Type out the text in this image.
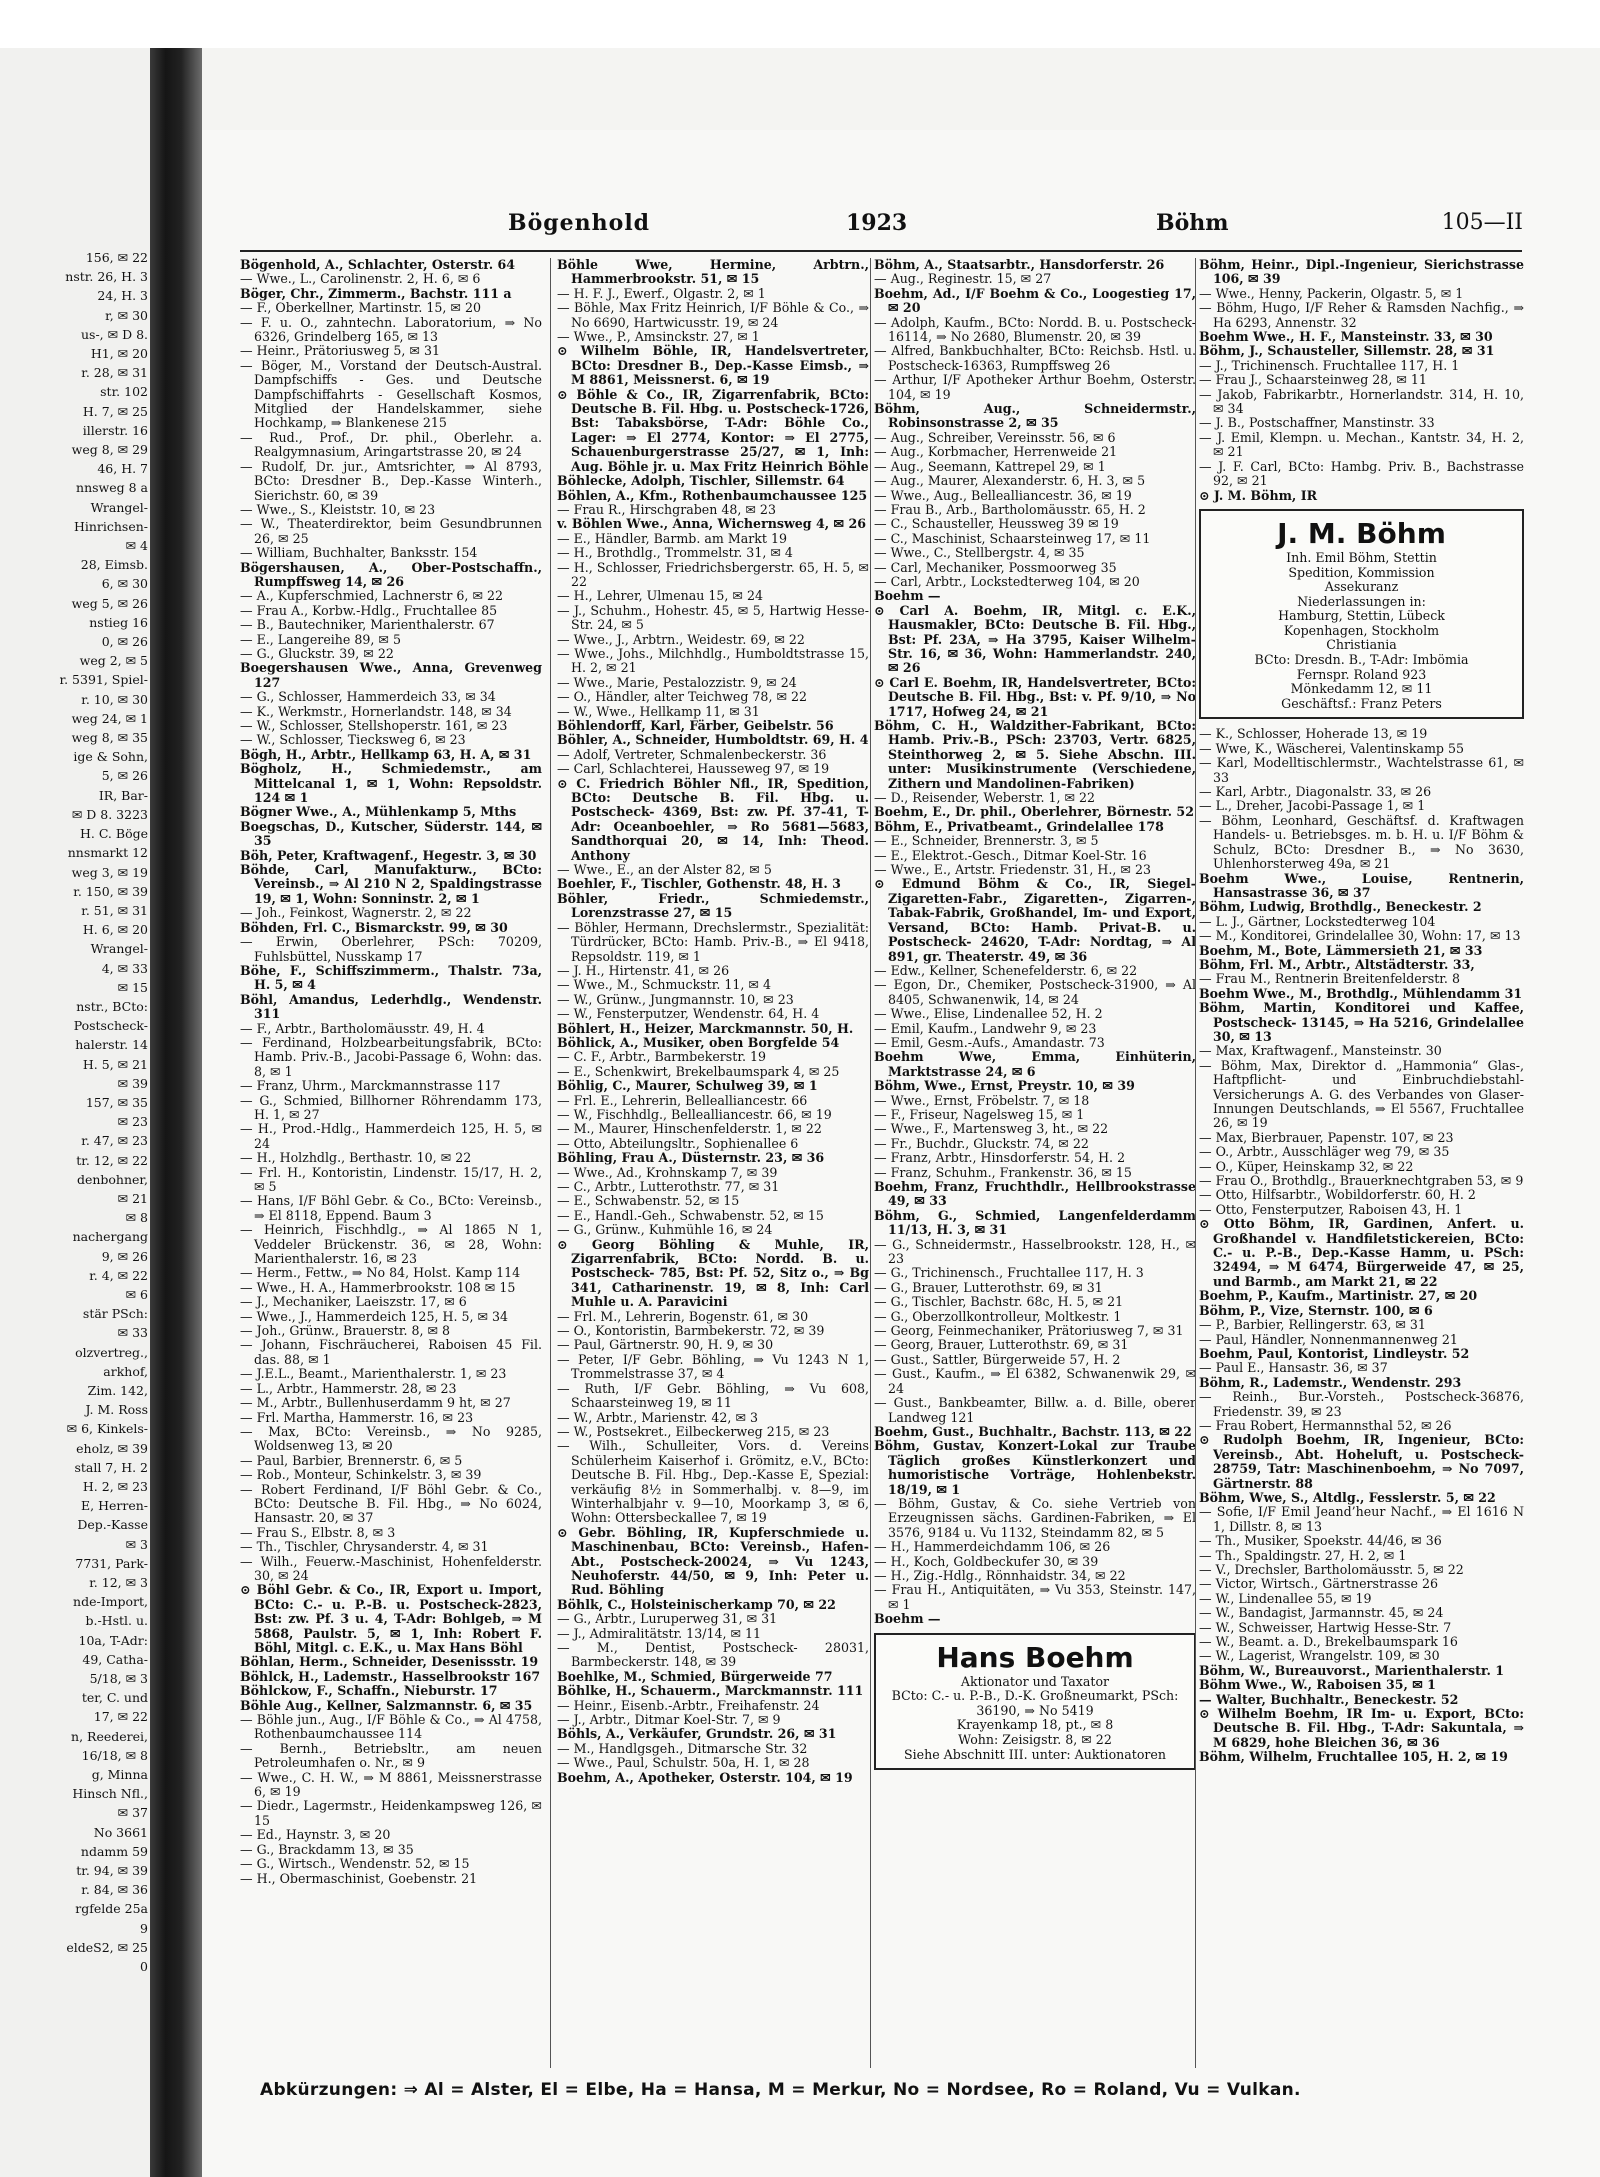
156, ✉ 22
nstr. 26, H. 3
24, H. 3
r, ✉ 30
us-, ✉ D 8.
H1, ✉ 20
r. 28, ✉ 31
str. 102
H. 7, ✉ 25
illerstr. 16
weg 8, ✉ 29
46, H. 7
nnsweg 8 a
Wrangel-
Hinrichsen-
✉ 4
28, Eimsb.
6, ✉ 30
weg 5, ✉ 26
nstieg 16
0, ✉ 26
weg 2, ✉ 5
r. 5391, Spiel-
r. 10, ✉ 30
weg 24, ✉ 1
weg 8, ✉ 35
ige & Sohn,
5, ✉ 26
IR, Bar-
✉ D 8. 3223
H. C. Böge
nnsmarkt 12
weg 3, ✉ 19
r. 150, ✉ 39
r. 51, ✉ 31
H. 6, ✉ 20
Wrangel-
4, ✉ 33
✉ 15
nstr., BCto:
Postscheck-
halerstr. 14
H. 5, ✉ 21
✉ 39
157, ✉ 35
✉ 23
r. 47, ✉ 23
tr. 12, ✉ 22
denbohner,
✉ 21
✉ 8
nachergang
9, ✉ 26
r. 4, ✉ 22
✉ 6
stär PSch:
✉ 33
olzvertreg.,
arkhof,
Zim. 142,
J. M. Ross
✉ 6, Kinkels-
eholz, ✉ 39
stall 7, H. 2
H. 2, ✉ 23
E, Herren-
Dep.-Kasse
✉ 3
7731, Park-
r. 12, ✉ 3
nde-Import,
b.-Hstl. u.
10a, T-Adr:
49, Catha-
5/18, ✉ 3
ter, C. und
17, ✉ 22
n, Reederei,
16/18, ✉ 8
g, Minna
Hinsch Nfl.,
✉ 37
No 3661
ndamm 59
tr. 94, ✉ 39
r. 84, ✉ 36
rgfelde 25a
9
eldeS2, ✉ 25
0
Bögenhold	1923	Böhm	105—II
Bögenhold, A., Schlachter, Osterstr. 64
— Wwe., L., Carolinenstr. 2, H. 6, ✉ 6
Böger, Chr., Zimmerm., Bachstr. 111 a
— F., Oberkellner, Martinstr. 15, ✉ 20
— F. u. O., zahntechn. Laboratorium, ⇒ No 6326, Grindelberg 165, ✉ 13
— Heinr., Prätoriusweg 5, ✉ 31
— Böger, M., Vorstand der Deutsch-Austral. Dampfschiffs - Ges. und Deutsche Dampfschiffahrts - Gesellschaft Kosmos, Mitglied der Handelskammer, siehe Hochkamp, ⇒ Blankenese 215
— Rud., Prof., Dr. phil., Oberlehr. a. Realgymnasium, Aringartstrasse 20, ✉ 24
— Rudolf, Dr. jur., Amtsrichter, ⇒ Al 8793, BCto: Dresdner B., Dep.-Kasse Winterh., Sierichstr. 60, ✉ 39
— Wwe., S., Kleiststr. 10, ✉ 23
— W., Theaterdirektor, beim Gesundbrunnen 26, ✉ 25
— William, Buchhalter, Banksstr. 154
Bögershausen, A., Ober-Postschaffn., Rumpffsweg 14, ✉ 26
— A., Kupferschmied, Lachnerstr 6, ✉ 22
— Frau A., Korbw.-Hdlg., Fruchtallee 85
— B., Bautechniker, Marienthalerstr. 67
— E., Langereihe 89, ✉ 5
— G., Gluckstr. 39, ✉ 22
Boegershausen Wwe., Anna, Grevenweg 127
— G., Schlosser, Hammerdeich 33, ✉ 34
— K., Werkmstr., Hornerlandstr. 148, ✉ 34
— W., Schlosser, Stellshoperstr. 161, ✉ 23
— W., Schlosser, Tiecksweg 6, ✉ 23
Bögh, H., Arbtr., Hellkamp 63, H. A, ✉ 31
Bögholz, H., Schmiedemstr., am Mittelcanal 1, ✉ 1, Wohn: Repsoldstr. 124 ✉ 1
Bögner Wwe., A., Mühlenkamp 5, Mths
Boegschas, D., Kutscher, Süderstr. 144, ✉ 35
Böh, Peter, Kraftwagenf., Hegestr. 3, ✉ 30
Böhde, Carl, Manufakturw., BCto: Vereinsb., ⇒ Al 210 N 2, Spaldingstrasse 19, ✉ 1, Wohn: Sonninstr. 2, ✉ 1
— Joh., Feinkost, Wagnerstr. 2, ✉ 22
Böhden, Frl. C., Bismarckstr. 99, ✉ 30
— Erwin, Oberlehrer, PSch: 70209, Fuhlsbüttel, Nusskamp 17
Böhe, F., Schiffszimmerm., Thalstr. 73a, H. 5, ✉ 4
Böhl, Amandus, Lederhdlg., Wendenstr. 311
— F., Arbtr., Bartholomäusstr. 49, H. 4
— Ferdinand, Holzbearbeitungsfabrik, BCto: Hamb. Priv.-B., Jacobi-Passage 6, Wohn: das. 8, ✉ 1
— Franz, Uhrm., Marckmannstrasse 117
— G., Schmied, Billhorner Röhrendamm 173, H. 1, ✉ 27
— H., Prod.-Hdlg., Hammerdeich 125, H. 5, ✉ 24
— H., Holzhdlg., Berthastr. 10, ✉ 22
— Frl. H., Kontoristin, Lindenstr. 15/17, H. 2, ✉ 5
— Hans, I/F Böhl Gebr. & Co., BCto: Vereinsb., ⇒ El 8118, Eppend. Baum 3
— Heinrich, Fischhdlg., ⇒ Al 1865 N 1, Veddeler Brückenstr. 36, ✉ 28, Wohn: Marienthalerstr. 16, ✉ 23
— Herm., Fettw., ⇒ No 84, Holst. Kamp 114
— Wwe., H. A., Hammerbrookstr. 108 ✉ 15
— J., Mechaniker, Laeiszstr. 17, ✉ 6
— Wwe., J., Hammerdeich 125, H. 5, ✉ 34
— Joh., Grünw., Brauerstr. 8, ✉ 8
— Johann, Fischräucherei, Raboisen 45 Fil. das. 88, ✉ 1
— J.E.L., Beamt., Marienthalerstr. 1, ✉ 23
— L., Arbtr., Hammerstr. 28, ✉ 23
— M., Arbtr., Bullenhuserdamm 9 ht, ✉ 27
— Frl. Martha, Hammerstr. 16, ✉ 23
— Max, BCto: Vereinsb., ⇒ No 9285, Woldsenweg 13, ✉ 20
— Paul, Barbier, Brennerstr. 6, ✉ 5
— Rob., Monteur, Schinkelstr. 3, ✉ 39
— Robert Ferdinand, I/F Böhl Gebr. & Co., BCto: Deutsche B. Fil. Hbg., ⇒ No 6024, Hansastr. 20, ✉ 37
— Frau S., Elbstr. 8, ✉ 3
— Th., Tischler, Chrysanderstr. 4, ✉ 31
— Wilh., Feuerw.-Maschinist, Hohenfelderstr. 30, ✉ 24
⊙ Böhl Gebr. & Co., IR, Export u. Import, BCto: C.- u. P.-B. u. Postscheck-2823, Bst: zw. Pf. 3 u. 4, T-Adr: Bohlgeb, ⇒ M 5868, Paulstr. 5, ✉ 1, Inh: Robert F. Böhl, Mitgl. c. E.K., u. Max Hans Böhl
Böhlan, Herm., Schneider, Desenissstr. 19
Böhlck, H., Lademstr., Hasselbrookstr 167
Böhlckow, F., Schaffn., Nieburstr. 17
Böhle Aug., Kellner, Salzmannstr. 6, ✉ 35
— Böhle jun., Aug., I/F Böhle & Co., ⇒ Al 4758, Rothenbaumchaussee 114
— Bernh., Betriebsltr., am neuen Petroleumhafen o. Nr., ✉ 9
— Wwe., C. H. W., ⇒ M 8861, Meissnerstrasse 6, ✉ 19
— Diedr., Lagermstr., Heidenkampsweg 126, ✉ 15
— Ed., Haynstr. 3, ✉ 20
— G., Brackdamm 13, ✉ 35
— G., Wirtsch., Wendenstr. 52, ✉ 15
— H., Obermaschinist, Goebenstr. 21
Böhle Wwe, Hermine, Arbtrn., Hammerbrookstr. 51, ✉ 15
— H. F. J., Ewerf., Olgastr. 2, ✉ 1
— Böhle, Max Fritz Heinrich, I/F Böhle & Co., ⇒ No 6690, Hartwicusstr. 19, ✉ 24
— Wwe., P., Amsinckstr. 27, ✉ 1
⊙ Wilhelm Böhle, IR, Handelsvertreter, BCto: Dresdner B., Dep.-Kasse Eimsb., ⇒ M 8861, Meissnerst. 6, ✉ 19
⊙ Böhle & Co., IR, Zigarrenfabrik, BCto: Deutsche B. Fil. Hbg. u. Postscheck-1726, Bst: Tabaksbörse, T-Adr: Böhle Co., Lager: ⇒ El 2774, Kontor: ⇒ El 2775, Schauenburgerstrasse 25/27, ✉ 1, Inh: Aug. Böhle jr. u. Max Fritz Heinrich Böhle
Böhlecke, Adolph, Tischler, Sillemstr. 64
Böhlen, A., Kfm., Rothenbaumchaussee 125
— Frau R., Hirschgraben 48, ✉ 23
v. Böhlen Wwe., Anna, Wichernsweg 4, ✉ 26
— E., Händler, Barmb. am Markt 19
— H., Brothdlg., Trommelstr. 31, ✉ 4
— H., Schlosser, Friedrichsbergerstr. 65, H. 5, ✉ 22
— H., Lehrer, Ulmenau 15, ✉ 24
— J., Schuhm., Hohestr. 45, ✉ 5, Hartwig Hesse-Str. 24, ✉ 5
— Wwe., J., Arbtrn., Weidestr. 69, ✉ 22
— Wwe., Johs., Milchhdlg., Humboldtstrasse 15, H. 2, ✉ 21
— Wwe., Marie, Pestalozzistr. 9, ✉ 24
— O., Händler, alter Teichweg 78, ✉ 22
— W., Wwe., Hellkamp 11, ✉ 31
Böhlendorff, Karl, Färber, Geibelstr. 56
Böhler, A., Schneider, Humboldtstr. 69, H. 4
— Adolf, Vertreter, Schmalenbeckerstr. 36
— Carl, Schlachterei, Hausseweg 97, ✉ 19
⊙ C. Friedrich Böhler Nfl., IR, Spedition, BCto: Deutsche B. Fil. Hbg. u. Postscheck- 4369, Bst: zw. Pf. 37-41, T-Adr: Oceanboehler, ⇒ Ro 5681—5683, Sandthorquai 20, ✉ 14, Inh: Theod. Anthony
— Wwe., E., an der Alster 82, ✉ 5
Boehler, F., Tischler, Gothenstr. 48, H. 3
Böhler, Friedr., Schmiedemstr., Lorenzstrasse 27, ✉ 15
— Böhler, Hermann, Drechslermstr., Spezialität: Türdrücker, BCto: Hamb. Priv.-B., ⇒ El 9418, Repsoldstr. 119, ✉ 1
— J. H., Hirtenstr. 41, ✉ 26
— Wwe., M., Schmuckstr. 11, ✉ 4
— W., Grünw., Jungmannstr. 10, ✉ 23
— W., Fensterputzer, Wendenstr. 64, H. 4
Böhlert, H., Heizer, Marckmannstr. 50, H.
Böhlick, A., Musiker, oben Borgfelde 54
— C. F., Arbtr., Barmbekerstr. 19
— E., Schenkwirt, Brekelbaumspark 4, ✉ 25
Böhlig, C., Maurer, Schulweg 39, ✉ 1
— Frl. E., Lehrerin, Bellealliancestr. 66
— W., Fischhdlg., Bellealliancestr. 66, ✉ 19
— M., Maurer, Hinschenfelderstr. 1, ✉ 22
— Otto, Abteilungsltr., Sophienallee 6
Böhling, Frau A., Düsternstr. 23, ✉ 36
— Wwe., Ad., Krohnskamp 7, ✉ 39
— C., Arbtr., Lutterothstr. 77, ✉ 31
— E., Schwabenstr. 52, ✉ 15
— E., Handl.-Geh., Schwabenstr. 52, ✉ 15
— G., Grünw., Kuhmühle 16, ✉ 24
⊙ Georg Böhling & Muhle, IR, Zigarrenfabrik, BCto: Nordd. B. u. Postscheck- 785, Bst: Pf. 52, Sitz o., ⇒ Bg 341, Catharinenstr. 19, ✉ 8, Inh: Carl Muhle u. A. Paravicini
— Frl. M., Lehrerin, Bogenstr. 61, ✉ 30
— O., Kontoristin, Barmbekerstr. 72, ✉ 39
— Paul, Gärtnerstr. 90, H. 9, ✉ 30
— Peter, I/F Gebr. Böhling, ⇒ Vu 1243 N 1, Trommelstrasse 37, ✉ 4
— Ruth, I/F Gebr. Böhling, ⇒ Vu 608, Schaarsteinweg 19, ✉ 11
— W., Arbtr., Marienstr. 42, ✉ 3
— W., Postsekret., Eilbeckerweg 215, ✉ 23
— Wilh., Schulleiter, Vors. d. Vereins Schülerheim Kaiserhof i. Grömitz, e.V., BCto: Deutsche B. Fil. Hbg., Dep.-Kasse E, Spezial: verkäufig 8½ in Sommerhalbj. v. 8—9, im Winterhalbjahr v. 9—10, Moorkamp 3, ✉ 6, Wohn: Ottersbeckallee 7, ✉ 19
⊙ Gebr. Böhling, IR, Kupferschmiede u. Maschinenbau, BCto: Vereinsb., Hafen-Abt., Postscheck-20024, ⇒ Vu 1243, Neuhoferstr. 44/50, ✉ 9, Inh: Peter u. Rud. Böhling
Böhlk, C., Holsteinischerkamp 70, ✉ 22
— G., Arbtr., Luruperweg 31, ✉ 31
— J., Admiralitätstr. 13/14, ✉ 11
— M., Dentist, Postscheck- 28031, Barmbeckerstr. 148, ✉ 39
Boehlke, M., Schmied, Bürgerweide 77
Böhlke, H., Schauerm., Marckmannstr. 111
— Heinr., Eisenb.-Arbtr., Freihafenstr. 24
— J., Arbtr., Ditmar Koel-Str. 7, ✉ 9
Böhls, A., Verkäufer, Grundstr. 26, ✉ 31
— M., Handlgsgeh., Ditmarsche Str. 32
— Wwe., Paul, Schulstr. 50a, H. 1, ✉ 28
Boehm, A., Apotheker, Osterstr. 104, ✉ 19
Böhm, A., Staatsarbtr., Hansdorferstr. 26
— Aug., Reginestr. 15, ✉ 27
Boehm, Ad., I/F Boehm & Co., Loogestieg 17, ✉ 20
— Adolph, Kaufm., BCto: Nordd. B. u. Postscheck- 16114, ⇒ No 2680, Blumenstr. 20, ✉ 39
— Alfred, Bankbuchhalter, BCto: Reichsb. Hstl. u. Postscheck-16363, Rumpffsweg 26
— Arthur, I/F Apotheker Arthur Boehm, Osterstr. 104, ✉ 19
Böhm, Aug., Schneidermstr., Robinsonstrasse 2, ✉ 35
— Aug., Schreiber, Vereinsstr. 56, ✉ 6
— Aug., Korbmacher, Herrenweide 21
— Aug., Seemann, Kattrepel 29, ✉ 1
— Aug., Maurer, Alexanderstr. 6, H. 3, ✉ 5
— Wwe., Aug., Bellealliancestr. 36, ✉ 19
— Frau B., Arb., Bartholomäusstr. 65, H. 2
— C., Schausteller, Heussweg 39 ✉ 19
— C., Maschinist, Schaarsteinweg 17, ✉ 11
— Wwe., C., Stellbergstr. 4, ✉ 35
— Carl, Mechaniker, Possmoorweg 35
— Carl, Arbtr., Lockstedterweg 104, ✉ 20
Boehm —
⊙ Carl A. Boehm, IR, Mitgl. c. E.K., Hausmakler, BCto: Deutsche B. Fil. Hbg., Bst: Pf. 23A, ⇒ Ha 3795, Kaiser Wilhelm-Str. 16, ✉ 36, Wohn: Hammerlandstr. 240, ✉ 26
⊙ Carl E. Boehm, IR, Handelsvertreter, BCto: Deutsche B. Fil. Hbg., Bst: v. Pf. 9/10, ⇒ No 1717, Hofweg 24, ✉ 21
Böhm, C. H., Waldzither-Fabrikant, BCto: Hamb. Priv.-B., PSch: 23703, Vertr. 6825, Steinthorweg 2, ✉ 5. Siehe Abschn. III. unter: Musikinstrumente (Verschiedene, Zithern und Mandolinen-Fabriken)
— D., Reisender, Weberstr. 1, ✉ 22
Boehm, E., Dr. phil., Oberlehrer, Börnestr. 52
Böhm, E., Privatbeamt., Grindelallee 178
— E., Schneider, Brennerstr. 3, ✉ 5
— E., Elektrot.-Gesch., Ditmar Koel-Str. 16
— Wwe., E., Artstr. Friedenstr. 31, H., ✉ 23
⊙ Edmund Böhm & Co., IR, Siegel-Zigaretten-Fabr., Zigaretten-, Zigarren-, Tabak-Fabrik, Großhandel, Im- und Export, Versand, BCto: Hamb. Privat-B. u. Postscheck- 24620, T-Adr: Nordtag, ⇒ Al 891, gr. Theaterstr. 49, ✉ 36
— Edw., Kellner, Schenefelderstr. 6, ✉ 22
— Egon, Dr., Chemiker, Postscheck-31900, ⇒ Al 8405, Schwanenwik, 14, ✉ 24
— Wwe., Elise, Lindenallee 52, H. 2
— Emil, Kaufm., Landwehr 9, ✉ 23
— Emil, Gesm.-Aufs., Amandastr. 73
Boehm Wwe, Emma, Einhüterin, Marktstrasse 24, ✉ 6
Böhm, Wwe., Ernst, Preystr. 10, ✉ 39
— Wwe., Ernst, Fröbelstr. 7, ✉ 18
— F., Friseur, Nagelsweg 15, ✉ 1
— Wwe., F., Martensweg 3, ht., ✉ 22
— Fr., Buchdr., Gluckstr. 74, ✉ 22
— Franz, Arbtr., Hinsdorferstr. 54, H. 2
— Franz, Schuhm., Frankenstr. 36, ✉ 15
Boehm, Franz, Fruchthdlr., Hellbrookstrasse 49, ✉ 33
Böhm, G., Schmied, Langenfelderdamm 11/13, H. 3, ✉ 31
— G., Schneidermstr., Hasselbrookstr. 128, H., ✉ 23
— G., Trichinensch., Fruchtallee 117, H. 3
— G., Brauer, Lutterothstr. 69, ✉ 31
— G., Tischler, Bachstr. 68c, H. 5, ✉ 21
— G., Oberzollkontrolleur, Moltkestr. 1
— Georg, Feinmechaniker, Prätoriusweg 7, ✉ 31
— Georg, Brauer, Lutterothstr. 69, ✉ 31
— Gust., Sattler, Bürgerweide 57, H. 2
— Gust., Kaufm., ⇒ El 6382, Schwanenwik 29, ✉ 24
— Gust., Bankbeamter, Billw. a. d. Bille, oberer Landweg 121
Boehm, Gust., Buchhaltr., Bachstr. 113, ✉ 22
Böhm, Gustav, Konzert-Lokal zur Traube Täglich großes Künstlerkonzert und humoristische Vorträge, Hohlenbekstr. 18/19, ✉ 1
— Böhm, Gustav, & Co. siehe Vertrieb von Erzeugnissen sächs. Gardinen-Fabriken, ⇒ El 3576, 9184 u. Vu 1132, Steindamm 82, ✉ 5
— H., Hammerdeichdamm 106, ✉ 26
— H., Koch, Goldbeckufer 30, ✉ 39
— H., Zig.-Hdlg., Rönnhaidstr. 34, ✉ 22
— Frau H., Antiquitäten, ⇒ Vu 353, Steinstr. 147, ✉ 1
Boehm —
Hans Boehm
Aktionator und Taxator
BCto: C.- u. P.-B., D.-K. Großneumarkt, PSch: 36190, ⇒ No 5419
Krayenkamp 18, pt., ✉ 8
Wohn: Zeisigstr. 8, ✉ 22
Siehe Abschnitt III. unter: Auktionatoren
Böhm, Heinr., Dipl.-Ingenieur, Sierichstrasse 106, ✉ 39
— Wwe., Henny, Packerin, Olgastr. 5, ✉ 1
— Böhm, Hugo, I/F Reher & Ramsden Nachfig., ⇒ Ha 6293, Annenstr. 32
Boehm Wwe., H. F., Mansteinstr. 33, ✉ 30
Böhm, J., Schausteller, Sillemstr. 28, ✉ 31
— J., Trichinensch. Fruchtallee 117, H. 1
— Frau J., Schaarsteinweg 28, ✉ 11
— Jakob, Fabrikarbtr., Hornerlandstr. 314, H. 10, ✉ 34
— J. B., Postschaffner, Manstinstr. 33
— J. Emil, Klempn. u. Mechan., Kantstr. 34, H. 2, ✉ 21
— J. F. Carl, BCto: Hambg. Priv. B., Bachstrasse 92, ✉ 21
⊙ J. M. Böhm, IR
J. M. Böhm
Inh. Emil Böhm, Stettin
Spedition, Kommission
Assekuranz
Niederlassungen in:
Hamburg, Stettin, Lübeck
Kopenhagen, Stockholm
Christiania
BCto: Dresdn. B., T-Adr: Imbömia
Fernspr. Roland 923
Mönkedamm 12, ✉ 11
Geschäftsf.: Franz Peters
— K., Schlosser, Hoherade 13, ✉ 19
— Wwe, K., Wäscherei, Valentinskamp 55
— Karl, Modelltischlermstr., Wachtelstrasse 61, ✉ 33
— Karl, Arbtr., Diagonalstr. 33, ✉ 26
— L., Dreher, Jacobi-Passage 1, ✉ 1
— Böhm, Leonhard, Geschäftsf. d. Kraftwagen Handels- u. Betriebsges. m. b. H. u. I/F Böhm & Schulz, BCto: Dresdner B., ⇒ No 3630, Uhlenhorsterweg 49a, ✉ 21
Boehm Wwe., Louise, Rentnerin, Hansastrasse 36, ✉ 37
Böhm, Ludwig, Brothdlg., Beneckestr. 2
— L. J., Gärtner, Lockstedterweg 104
— M., Konditorei, Grindelallee 30, Wohn: 17, ✉ 13
Boehm, M., Bote, Lämmersieth 21, ✉ 33
Böhm, Frl. M., Arbtr., Altstädterstr. 33,
— Frau M., Rentnerin Breitenfelderstr. 8
Boehm Wwe., M., Brothdlg., Mühlendamm 31
Böhm, Martin, Konditorei und Kaffee, Postscheck- 13145, ⇒ Ha 5216, Grindelallee 30, ✉ 13
— Max, Kraftwagenf., Mansteinstr. 30
— Böhm, Max, Direktor d. „Hammonia“ Glas-, Haftpflicht- und Einbruchdiebstahl-Versicherungs A. G. des Verbandes von Glaser-Innungen Deutschlands, ⇒ El 5567, Fruchtallee 26, ✉ 19
— Max, Bierbrauer, Papenstr. 107, ✉ 23
— O., Arbtr., Ausschläger weg 79, ✉ 35
— O., Küper, Heinskamp 32, ✉ 22
— Frau O., Brothdlg., Brauerknechtgraben 53, ✉ 9
— Otto, Hilfsarbtr., Wobildorferstr. 60, H. 2
— Otto, Fensterputzer, Raboisen 43, H. 1
⊙ Otto Böhm, IR, Gardinen, Anfert. u. Großhandel v. Handfiletstickereien, BCto: C.- u. P.-B., Dep.-Kasse Hamm, u. PSch: 32494, ⇒ M 6474, Bürgerweide 47, ✉ 25, und Barmb., am Markt 21, ✉ 22
Boehm, P., Kaufm., Martinistr. 27, ✉ 20
Böhm, P., Vize, Sternstr. 100, ✉ 6
— P., Barbier, Rellingerstr. 63, ✉ 31
— Paul, Händler, Nonnenmannenweg 21
Boehm, Paul, Kontorist, Lindleystr. 52
— Paul E., Hansastr. 36, ✉ 37
Böhm, R., Lademstr., Wendenstr. 293
— Reinh., Bur.-Vorsteh., Postscheck-36876, Friedenstr. 39, ✉ 23
— Frau Robert, Hermannsthal 52, ✉ 26
⊙ Rudolph Boehm, IR, Ingenieur, BCto: Vereinsb., Abt. Hoheluft, u. Postscheck- 28759, Tatr: Maschinenboehm, ⇒ No 7097, Gärtnerstr. 88
Böhm, Wwe, S., Altdlg., Fesslerstr. 5, ✉ 22
— Sofie, I/F Emil Jeand’heur Nachf., ⇒ El 1616 N 1, Dillstr. 8, ✉ 13
— Th., Musiker, Spoekstr. 44/46, ✉ 36
— Th., Spaldingstr. 27, H. 2, ✉ 1
— V., Drechsler, Bartholomäusstr. 5, ✉ 22
— Victor, Wirtsch., Gärtnerstrasse 26
— W., Lindenallee 55, ✉ 19
— W., Bandagist, Jarmannstr. 45, ✉ 24
— W., Schweisser, Hartwig Hesse-Str. 7
— W., Beamt. a. D., Brekelbaumspark 16
— W., Lagerist, Wrangelstr. 109, ✉ 30
Böhm, W., Bureauvorst., Marienthalerstr. 1
Böhm Wwe., W., Raboisen 35, ✉ 1
— Walter, Buchhaltr., Beneckestr. 52
⊙ Wilhelm Boehm, IR Im- u. Export, BCto: Deutsche B. Fil. Hbg., T-Adr: Sakuntala, ⇒ M 6829, hohe Bleichen 36, ✉ 36
Böhm, Wilhelm, Fruchtallee 105, H. 2, ✉ 19
Abkürzungen: ⇒ Al = Alster, El = Elbe, Ha = Hansa, M = Merkur, No = Nordsee, Ro = Roland, Vu = Vulkan.
